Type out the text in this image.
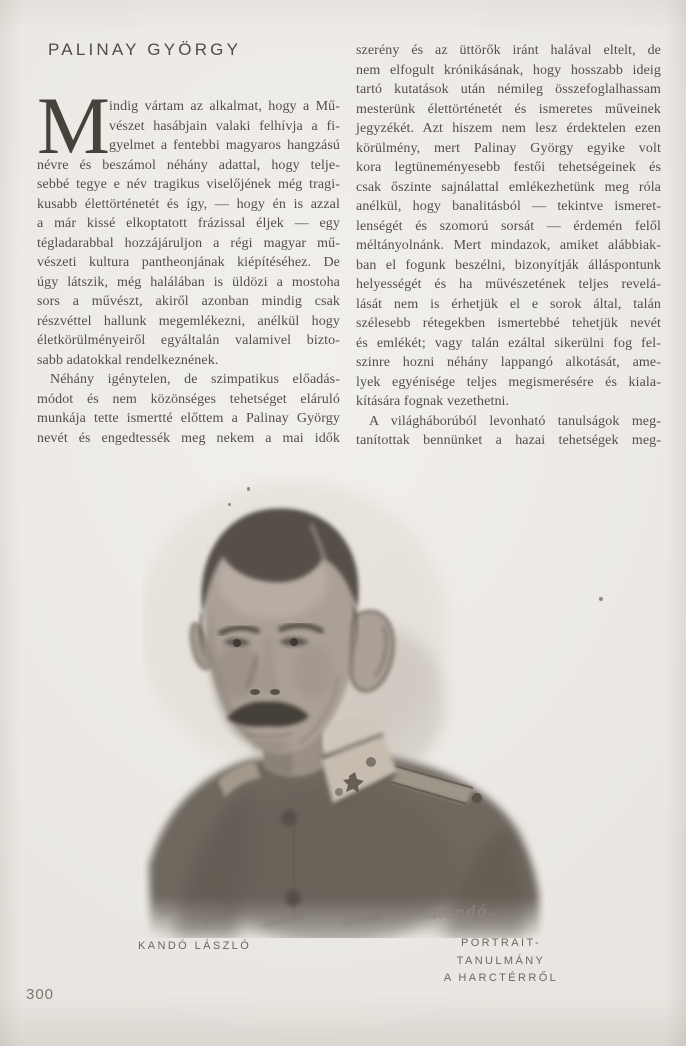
PALINAY GYÖRGY
M
indig vártam az alkalmat, hogy a Mű-
vészet hasábjain valaki felhívja a fi-
gyelmet a fentebbi magyaros hangzású
névre és beszámol néhány adattal, hogy telje-
sebbé tegye e név tragikus viselőjének még tragi-
kusabb élettörténetét és így, — hogy én is azzal
a már kissé elkoptatott frázissal éljek — egy
tégladarabbal hozzájáruljon a régi magyar mű-
vészeti kultura pantheonjának kiépítéséhez. De
úgy látszik, még halálában is üldözi a mostoha
sors a művészt, akiről azonban mindig csak
részvéttel hallunk megemlékezni, anélkül hogy
életkörülményeiről egyáltalán valamivel bizto-
sabb adatokkal rendelkeznének.
Néhány igénytelen, de szimpatikus előadás-
módot és nem közönséges tehetséget eláruló
munkája tette ismertté előttem a Palinay György
nevét és engedtessék meg nekem a mai idők
szerény és az üttörők iránt halával eltelt, de
nem elfogult krónikásának, hogy hosszabb ideig
tartó kutatások után némileg összefoglalhassam
mesterünk élettörténetét és ismeretes műveinek
jegyzékét. Azt hiszem nem lesz érdektelen ezen
körülmény, mert Palinay György egyike volt
kora legtüneményesebb festői tehetségeinek és
csak őszinte sajnálattal emlékezhetünk meg róla
anélkül, hogy banalitásból — tekintve ismeret-
lenségét és szomorú sorsát — érdemén felől
méltányolnánk. Mert mindazok, amiket alábbiak-
ban el fogunk beszélni, bizonyítják álláspontunk
helyességét és ha művészetének teljes revelá-
lását nem is érhetjük el e sorok által, talán
szélesebb rétegekben ismertebbé tehetjük nevét
és emlékét; vagy talán ezáltal sikerülni fog fel-
szinre hozni néhány lappangó alkotását, ame-
lyek egyénisége teljes megismerésére és kiala-
kítására fognak vezethetni.
A világháborúból levonható tanulságok meg-
tanítottak bennünket a hazai tehetségek meg-
Kandó.
KANDÓ LÁSZLÓ	PORTRAIT-TANULMÁNY
A HARCTÉRRŐL
300
